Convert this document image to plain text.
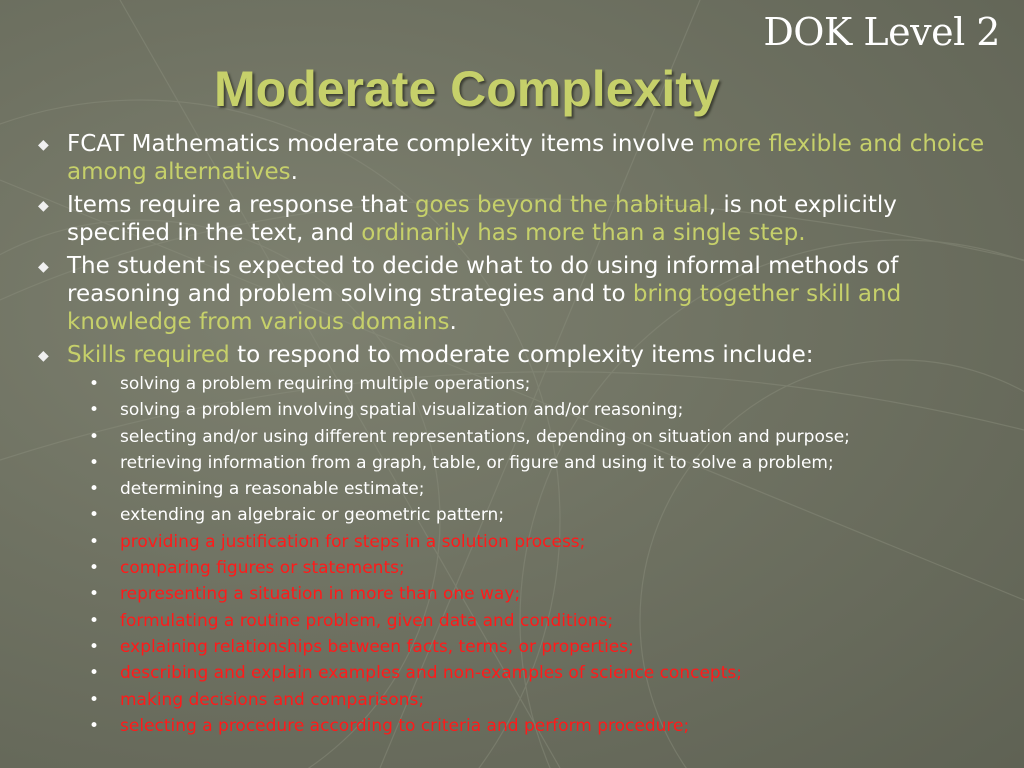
DOK Level 2
Moderate Complexity
◆ FCAT Mathematics moderate complexity items involve more flexible and choice among alternatives.
◆ Items require a response that goes beyond the habitual, is not explicitly specified in the text, and ordinarily has more than a single step.
◆ The student is expected to decide what to do using informal methods of reasoning and problem solving strategies and to bring together skill and knowledge from various domains.
◆ Skills required to respond to moderate complexity items include:
• solving a problem requiring multiple operations;
• solving a problem involving spatial visualization and/or reasoning;
• selecting and/or using different representations, depending on situation and purpose;
• retrieving information from a graph, table, or figure and using it to solve a problem;
• determining a reasonable estimate;
• extending an algebraic or geometric pattern;
• providing a justification for steps in a solution process;
• comparing figures or statements;
• representing a situation in more than one way;
• formulating a routine problem, given data and conditions;
• explaining relationships between facts, terms, or properties;
• describing and explain examples and non-examples of science concepts;
• making decisions and comparisons;
• selecting a procedure according to criteria and perform procedure;
